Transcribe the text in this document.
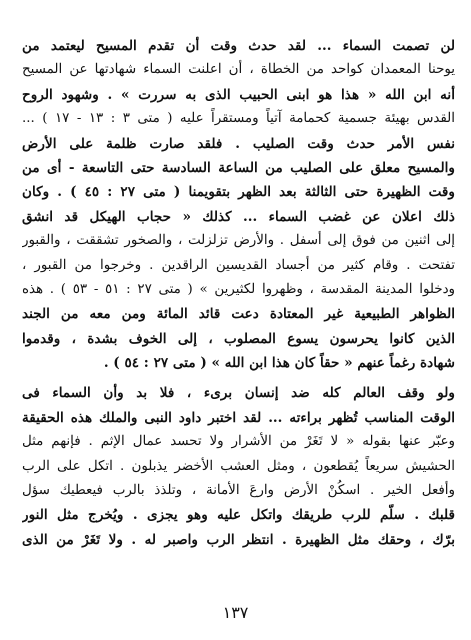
لن تصمت السماء ... لقد حدث وقت أن تقدم المسيح ليعتمد من
يوحنا المعمدان كواحد من الخطاة ، أن اعلنت السماء شهادتها عن المسيح
أنه ابن الله « هذا هو ابنى الحبيب الذى به سررت » . وشهود الروح
القدس بهيئة جسمية كحمامة آتياً ومستقراً عليه ( متى ٣ : ١٣ - ١٧ ) ...
نفس الأمر حدث وقت الصليب . فلقد صارت ظلمة على الأرض
والمسيح معلق على الصليب من الساعة السادسة حتى التاسعة - أى من
وقت الظهيرة حتى الثالثة بعد الظهر بتقويمنا ( متى ٢٧ : ٤٥ ) . وكان
ذلك اعلان عن غضب السماء ... كذلك « حجاب الهيكل قد انشق
إلى اثنين من فوق إلى أسفل . والأرض تزلزلت ، والصخور تشققت ، والقبور
تفتحت . وقام كثير من أجساد القديسين الراقدين . وخرجوا من القبور ،
ودخلوا المدينة المقدسة ، وظهروا لكثيرين » ( متى ٢٧ : ٥١ - ٥٣ ) . هذه
الظواهر الطبيعية غير المعتادة دعت قائد المائة ومن معه من الجند
الذين كانوا يحرسون يسوع المصلوب ، إلى الخوف بشدة ، وقدموا
شهادة رغماً عنهم « حقاً كان هذا ابن الله » ( متى ٢٧ : ٥٤ ) .
ولو وقف العالم كله ضد إنسان برىء ، فلا بد وأن السماء فى
الوقت المناسب تُظهر براءته ... لقد اختبر داود النبى والملك هذه الحقيقة
وعبّر عنها بقوله « لا تَغَرْ من الأشرار ولا تحسد عمال الإثم . فإنهم مثل
الحشيش سريعاً يُقطعون ، ومثل العشب الأخضر يذبلون . اتكل على الرب
وأفعل الخير . اسكُنْ الأرض وارعَ الأمانة ، وتلذذ بالرب فيعطيك سؤل
قلبك . سلّم للرب طريقك واتكل عليه وهو يجزى . ويُخرج مثل النور
برّك ، وحقك مثل الظهيرة . انتظر الرب واصبر له . ولا تَغَرْ من الذى
١٣٧
